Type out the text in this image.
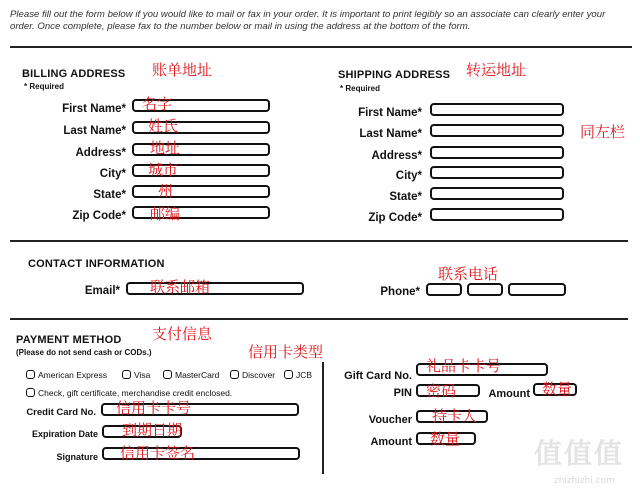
Please fill out the form below if you would like to mail or fax in your order. It is important to print legibly so an associate can clearly enter your order. Once complete, please fax to the number below or mail in using the address at the bottom of the form.
BILLING ADDRESS
* Required
账单地址
First Name* 名字
Last Name* 姓氏
Address* 地址
City* 城市
State* 州
Zip Code* 邮编
SHIPPING ADDRESS
* Required
转运地址
同左栏
First Name*
Last Name*
Address*
City*
State*
Zip Code*
CONTACT INFORMATION
Email* 联系邮箱
联系电话
Phone*
PAYMENT METHOD 支付信息
(Please do not send cash or CODs.)	信用卡类型
American Express	Visa	MasterCard	Discover JCB
Check, gift certificate, merchandise credit enclosed.
Credit Card No. 信用卡卡号
Expiration Date 到期日期
Signature 信用卡签名
Gift Card No.
礼品卡卡号
PIN 密码	Amount 数量
Voucher 持卡人
Amount 数量	值值值
zhizhizhi.com
